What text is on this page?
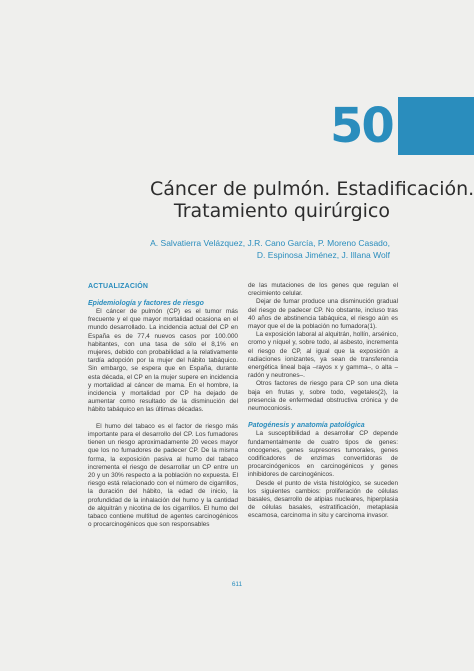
50
Cáncer de pulmón. Estadificación.
Tratamiento quirúrgico
A. Salvatierra Velázquez, J.R. Cano García, P. Moreno Casado,
D. Espinosa Jiménez, J. Illana Wolf
ACTUALIZACIÓN
Epidemiología y factores de riesgo

El cáncer de pulmón (CP) es el tumor más frecuente y el que mayor mortalidad ocasiona en el mundo desarrollado. La incidencia actual del CP en España es de 77,4 nuevos casos por 100.000 habitantes, con una tasa de sólo el 8,1% en mujeres, debido con probabilidad a la relativamente tardía adopción por la mujer del hábito tabáquico. Sin embargo, se espera que en España, durante esta década, el CP en la mujer supere en incidencia y mortalidad al cáncer de mama. En el hombre, la incidencia y mortalidad por CP ha dejado de aumentar como resultado de la disminución del hábito tabáquico en las últimas décadas.

El humo del tabaco es el factor de riesgo más importante para el desarrollo del CP. Los fumadores tienen un riesgo aproximadamente 20 veces mayor que los no fumadores de padecer CP. De la misma forma, la exposición pasiva al humo del tabaco incrementa el riesgo de desarrollar un CP entre un 20 y un 30% respecto a la población no expuesta. El riesgo está relacionado con el número de cigarrillos, la duración del hábito, la edad de inicio, la profundidad de la inhalación del humo y la cantidad de alquitrán y nicotina de los cigarrillos. El humo del tabaco contiene multitud de agentes carcinogénicos o procarcinogénicos que son responsables

de las mutaciones de los genes que regulan el crecimiento celular.

Dejar de fumar produce una disminución gradual del riesgo de padecer CP. No obstante, incluso tras 40 años de abstinencia tabáquica, el riesgo aún es mayor que el de la población no fumadora(1).

La exposición laboral al alquitrán, hollín, arsénico, cromo y níquel y, sobre todo, al asbesto, incrementa el riesgo de CP, al igual que la exposición a radiaciones ionizantes, ya sean de transferencia energética lineal baja –rayos x y gamma–, o alta –radón y neutrones–.

Otros factores de riesgo para CP son una dieta baja en frutas y, sobre todo, vegetales(2), la presencia de enfermedad obstructiva crónica y de neumoconiosis.

Patogénesis y anatomía patológica

La susceptibilidad a desarrollar CP depende fundamentalmente de cuatro tipos de genes: oncogenes, genes supresores tumorales, genes codificadores de enzimas convertidoras de procarcinógenicos en carcinogénicos y genes inhibidores de carcinogénicos.

Desde el punto de vista histológico, se suceden los siguientes cambios: proliferación de células basales, desarrollo de atipias nucleares, hiperplasia de células basales, estratificación, metaplasia escamosa, carcinoma in situ y carcinoma invasor.

611
